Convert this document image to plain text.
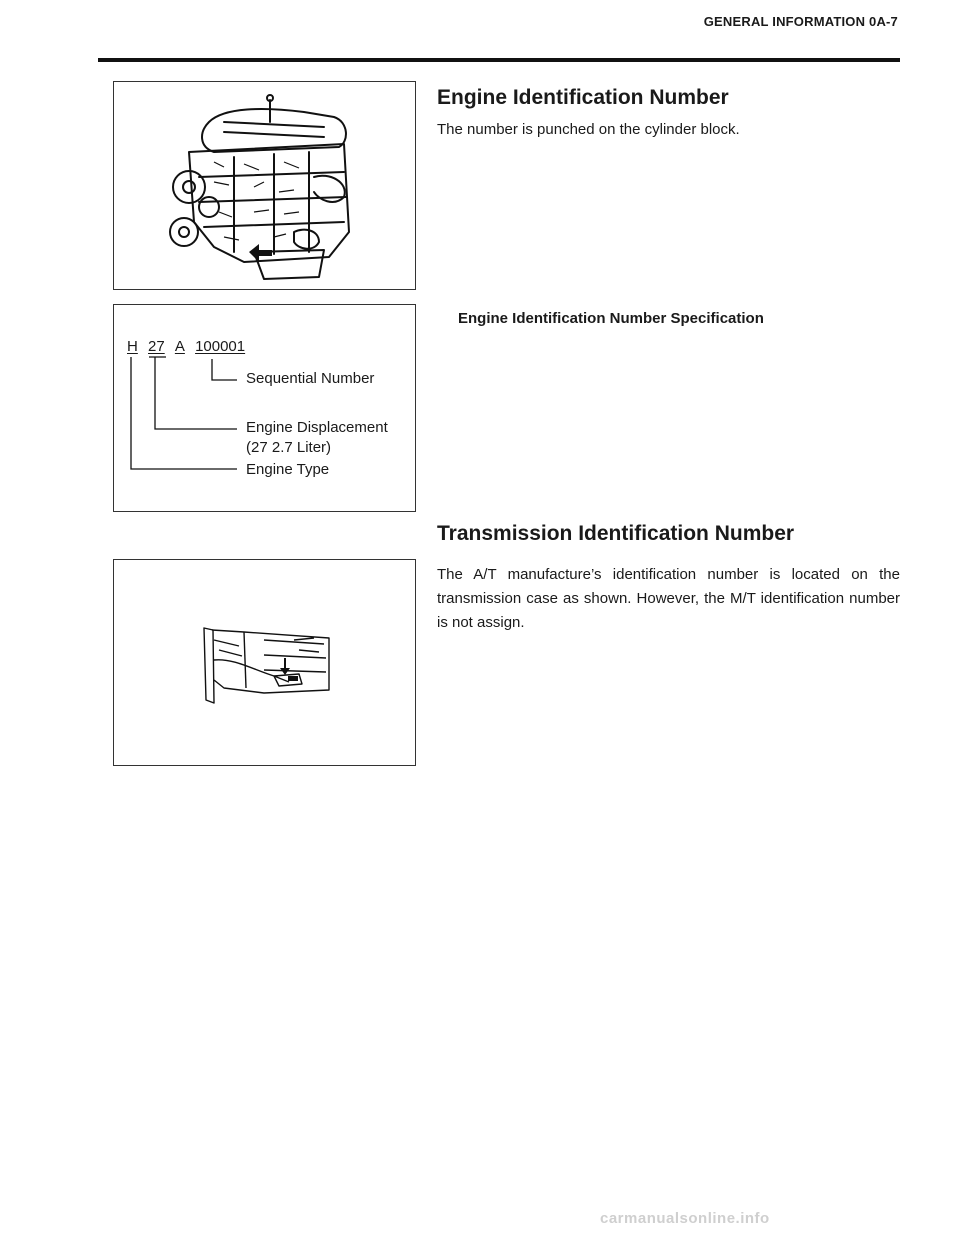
GENERAL INFORMATION 0A-7
Engine Identification Number

The number is punched on the cylinder block.

H 27 A 100001
Sequential Number
Engine Displacement
(27 2.7 Liter)
Engine Type

Engine Identification Number Specification

Transmission Identification Number

The A/T manufacture’s identification number is located on the transmission case as shown. However, the M/T identification number is not assign.

carmanualsonline.info
